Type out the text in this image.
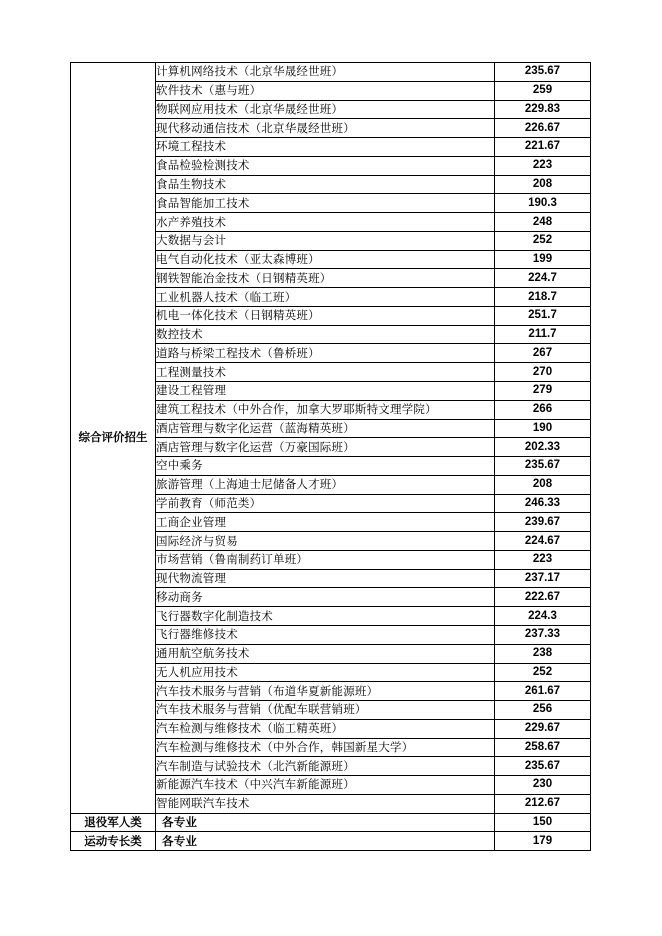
综合评价招生	计算机网络技术（北京华晟经世班）	235.67
	软件技术（惠与班）	259
	物联网应用技术（北京华晟经世班）	229.83
	现代移动通信技术（北京华晟经世班）	226.67
	环境工程技术	221.67
	食品检验检测技术	223
	食品生物技术	208
	食品智能加工技术	190.3
	水产养殖技术	248
	大数据与会计	252
	电气自动化技术（亚太森博班）	199
	钢铁智能冶金技术（日钢精英班）	224.7
	工业机器人技术（临工班）	218.7
	机电一体化技术（日钢精英班）	251.7
	数控技术	211.7
	道路与桥梁工程技术（鲁桥班）	267
	工程测量技术	270
	建设工程管理	279
	建筑工程技术（中外合作，加拿大罗耶斯特文理学院）	266
	酒店管理与数字化运营（蓝海精英班）	190
	酒店管理与数字化运营（万豪国际班）	202.33
	空中乘务	235.67
	旅游管理（上海迪士尼储备人才班）	208
	学前教育（师范类）	246.33
	工商企业管理	239.67
	国际经济与贸易	224.67
	市场营销（鲁南制药订单班）	223
	现代物流管理	237.17
	移动商务	222.67
	飞行器数字化制造技术	224.3
	飞行器维修技术	237.33
	通用航空航务技术	238
	无人机应用技术	252
	汽车技术服务与营销（布道华夏新能源班）	261.67
	汽车技术服务与营销（优配车联营销班）	256
	汽车检测与维修技术（临工精英班）	229.67
	汽车检测与维修技术（中外合作，韩国新星大学）	258.67
	汽车制造与试验技术（北汽新能源班）	235.67
	新能源汽车技术（中兴汽车新能源班）	230
	智能网联汽车技术	212.67
退役军人类	各专业	150
运动专长类	各专业	179
